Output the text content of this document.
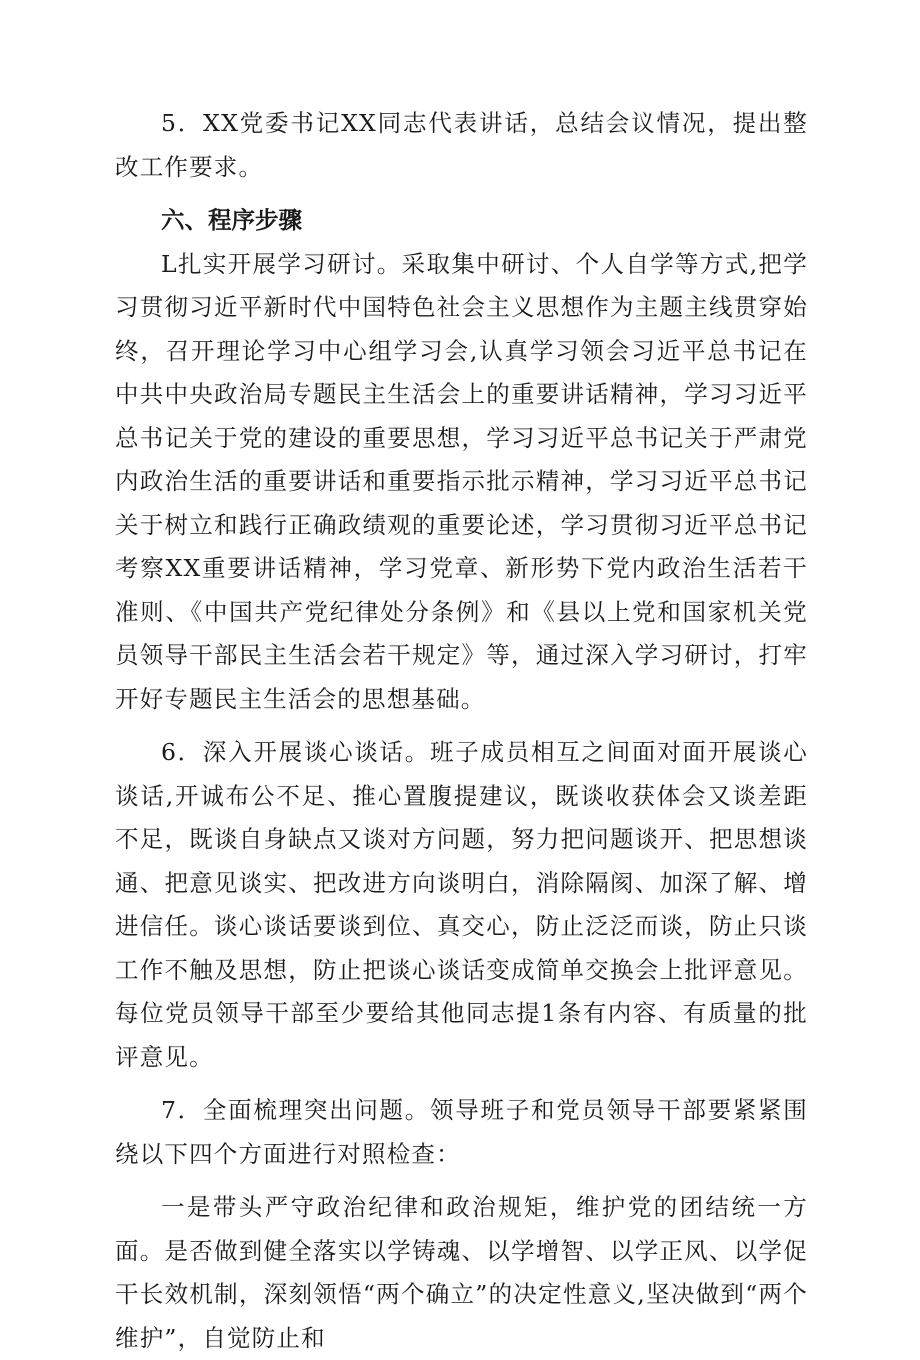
5．XX党委书记XX同志代表讲话，总结会议情况，提出整改工作要求。

六、程序步骤

L扎实开展学习研讨。采取集中研讨、个人自学等方式,把学习贯彻习近平新时代中国特色社会主义思想作为主题主线贯穿始终，召开理论学习中心组学习会,认真学习领会习近平总书记在中共中央政治局专题民主生活会上的重要讲话精神，学习习近平总书记关于党的建设的重要思想，学习习近平总书记关于严肃党内政治生活的重要讲话和重要指示批示精神，学习习近平总书记关于树立和践行正确政绩观的重要论述，学习贯彻习近平总书记考察XX重要讲话精神，学习党章、新形势下党内政治生活若干准则、《中国共产党纪律处分条例》和《县以上党和国家机关党员领导干部民主生活会若干规定》等，通过深入学习研讨，打牢开好专题民主生活会的思想基础。

6．深入开展谈心谈话。班子成员相互之间面对面开展谈心谈话,开诚布公不足、推心置腹提建议，既谈收获体会又谈差距不足，既谈自身缺点又谈对方问题，努力把问题谈开、把思想谈通、把意见谈实、把改进方向谈明白，消除隔阂、加深了解、增进信任。谈心谈话要谈到位、真交心，防止泛泛而谈，防止只谈工作不触及思想，防止把谈心谈话变成简单交换会上批评意见。每位党员领导干部至少要给其他同志提1条有内容、有质量的批评意见。

7．全面梳理突出问题。领导班子和党员领导干部要紧紧围绕以下四个方面进行对照检查：

一是带头严守政治纪律和政治规矩，维护党的团结统一方面。是否做到健全落实以学铸魂、以学增智、以学正风、以学促干长效机制，深刻领悟“两个确立”的决定性意义,坚决做到“两个维护”，自觉防止和
